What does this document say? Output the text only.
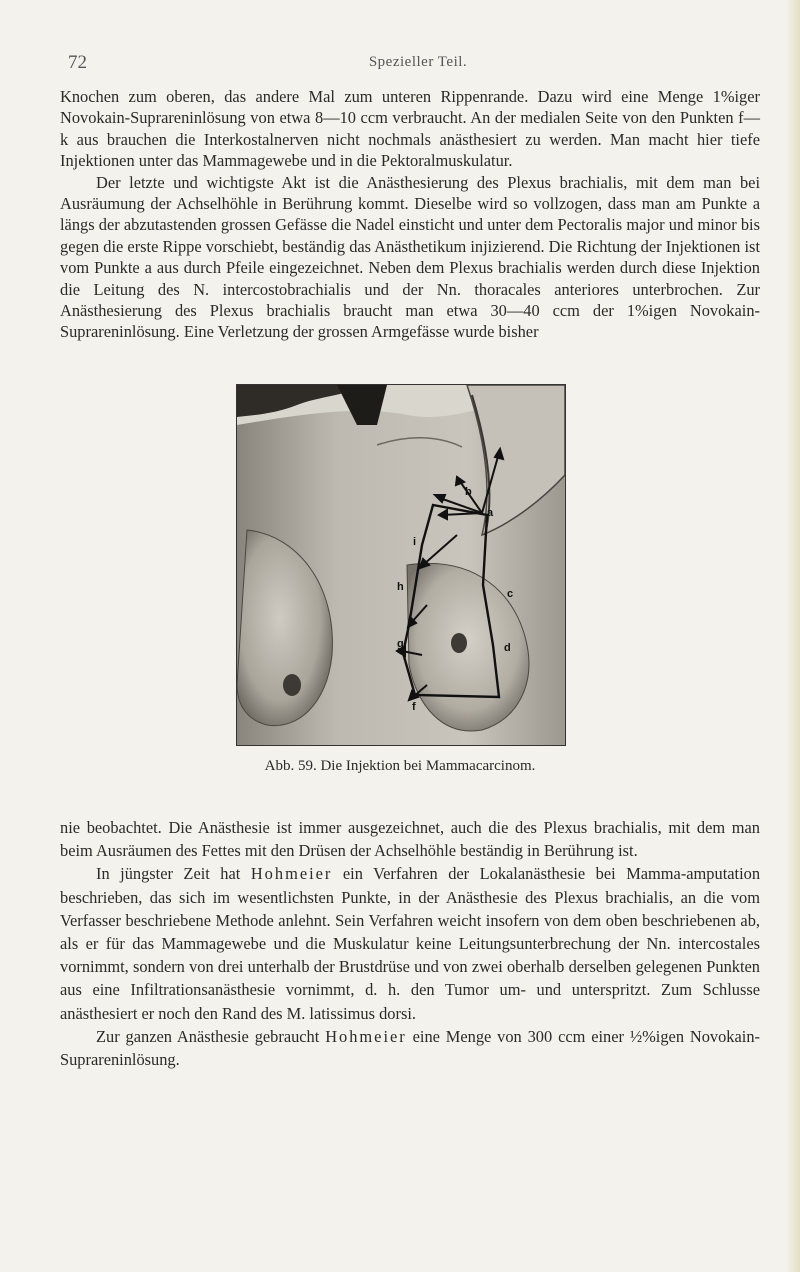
72	Spezieller Teil.

Knochen zum oberen, das andere Mal zum unteren Rippenrande. Dazu wird eine Menge 1%iger Novokain-Suprareninlösung von etwa 8—10 ccm verbraucht. An der medialen Seite von den Punkten f—k aus brauchen die Interkostalnerven nicht nochmals anästhesiert zu werden. Man macht hier tiefe Injektionen unter das Mammagewebe und in die Pektoralmuskulatur.

Der letzte und wichtigste Akt ist die Anästhesierung des Plexus brachialis, mit dem man bei Ausräumung der Achselhöhle in Berührung kommt. Dieselbe wird so vollzogen, dass man am Punkte a längs der abzutastenden grossen Gefässe die Nadel einsticht und unter dem Pectoralis major und minor bis gegen die erste Rippe vorschiebt, beständig das Anästhetikum injizierend. Die Richtung der Injektionen ist vom Punkte a aus durch Pfeile eingezeichnet. Neben dem Plexus brachialis werden durch diese Injektion die Leitung des N. intercostobrachialis und der Nn. thoracales anteriores unterbrochen. Zur Anästhesierung des Plexus brachialis braucht man etwa 30—40 ccm der 1%igen Novokain-Suprareninlösung. Eine Verletzung der grossen Armgefässe wurde bisher

a
h
i
b
c
d
g
f
Abb. 59. Die Injektion bei Mammacarcinom.

nie beobachtet. Die Anästhesie ist immer ausgezeichnet, auch die des Plexus brachialis, mit dem man beim Ausräumen des Fettes mit den Drüsen der Achselhöhle beständig in Berührung ist.

In jüngster Zeit hat Hohmeier ein Verfahren der Lokalanästhesie bei Mamma-amputation beschrieben, das sich im wesentlichsten Punkte, in der Anästhesie des Plexus brachialis, an die vom Verfasser beschriebene Methode anlehnt. Sein Verfahren weicht insofern von dem oben beschriebenen ab, als er für das Mammagewebe und die Muskulatur keine Leitungsunterbrechung der Nn. intercostales vornimmt, sondern von drei unterhalb der Brustdrüse und von zwei oberhalb derselben gelegenen Punkten aus eine Infiltrationsanästhesie vornimmt, d. h. den Tumor um- und unterspritzt. Zum Schlusse anästhesiert er noch den Rand des M. latissimus dorsi.

Zur ganzen Anästhesie gebraucht Hohmeier eine Menge von 300 ccm einer ½%igen Novokain-Suprareninlösung.
